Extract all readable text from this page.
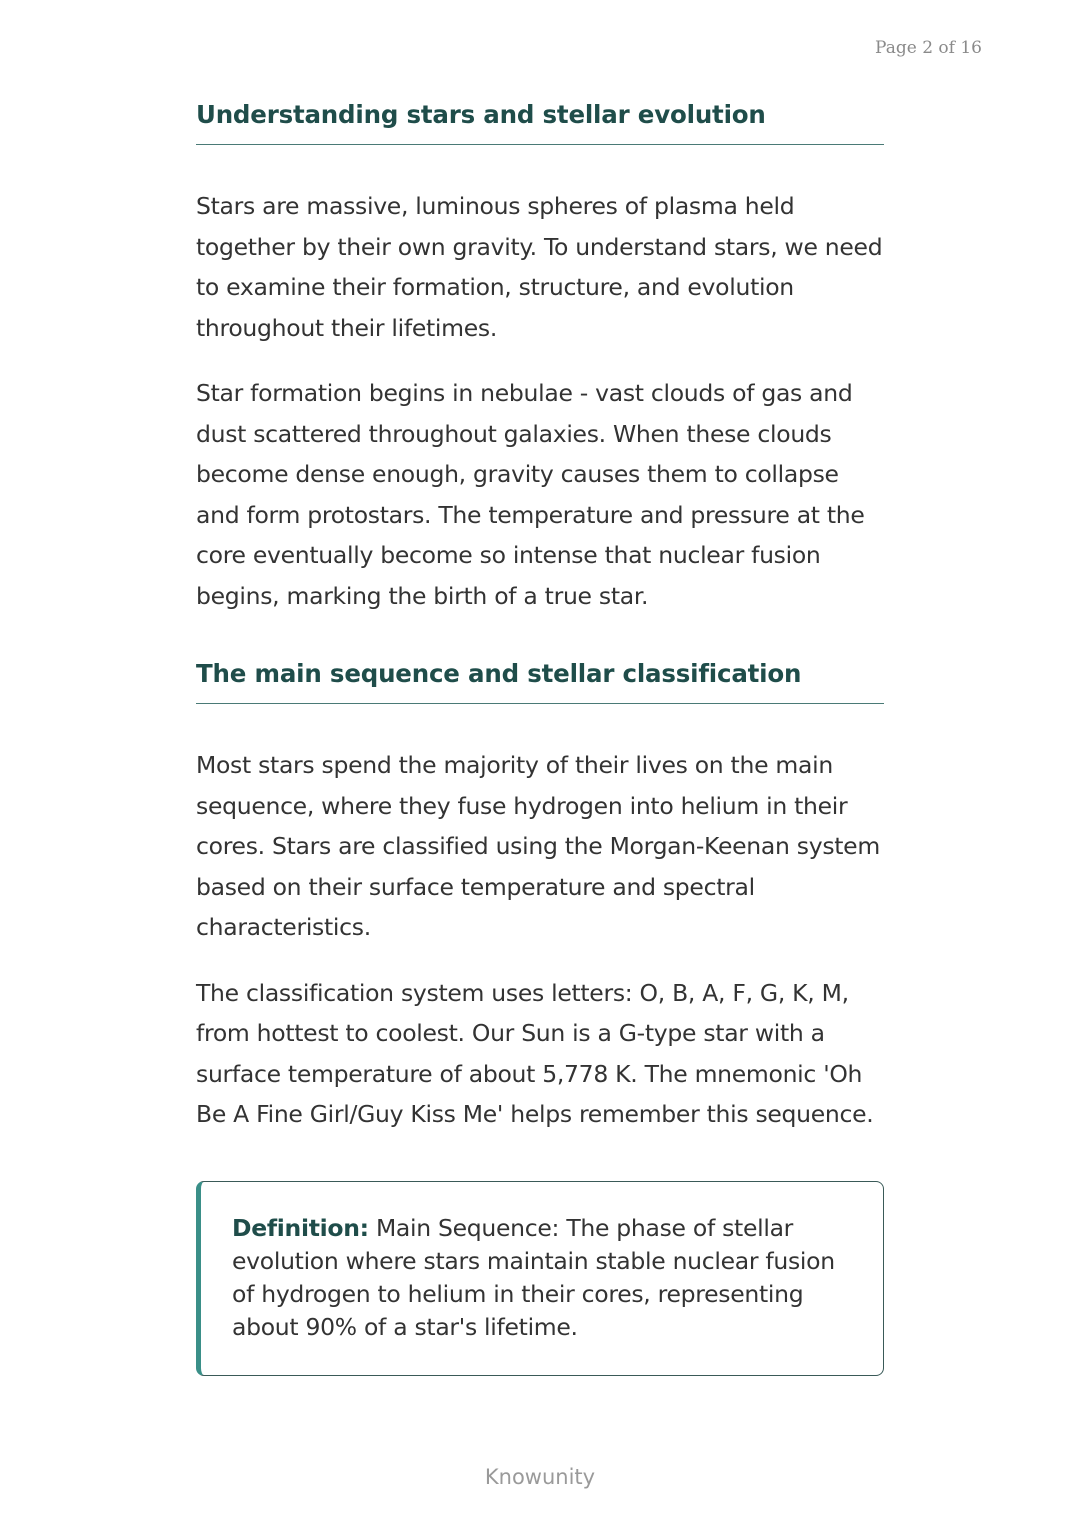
Page 2 of 16
Understanding stars and stellar evolution

Stars are massive, luminous spheres of plasma held together by their own gravity. To understand stars, we need to examine their formation, structure, and evolution throughout their lifetimes.

Star formation begins in nebulae - vast clouds of gas and dust scattered throughout galaxies. When these clouds become dense enough, gravity causes them to collapse and form protostars. The temperature and pressure at the core eventually become so intense that nuclear fusion begins, marking the birth of a true star.

The main sequence and stellar classification

Most stars spend the majority of their lives on the main sequence, where they fuse hydrogen into helium in their cores. Stars are classified using the Morgan-Keenan system based on their surface temperature and spectral characteristics.

The classification system uses letters: O, B, A, F, G, K, M, from hottest to coolest. Our Sun is a G-type star with a surface temperature of about 5,778 K. The mnemonic 'Oh Be A Fine Girl/Guy Kiss Me' helps remember this sequence.

Definition: Main Sequence: The phase of stellar evolution where stars maintain stable nuclear fusion of hydrogen to helium in their cores, representing about 90% of a star's lifetime.

Knowunity
